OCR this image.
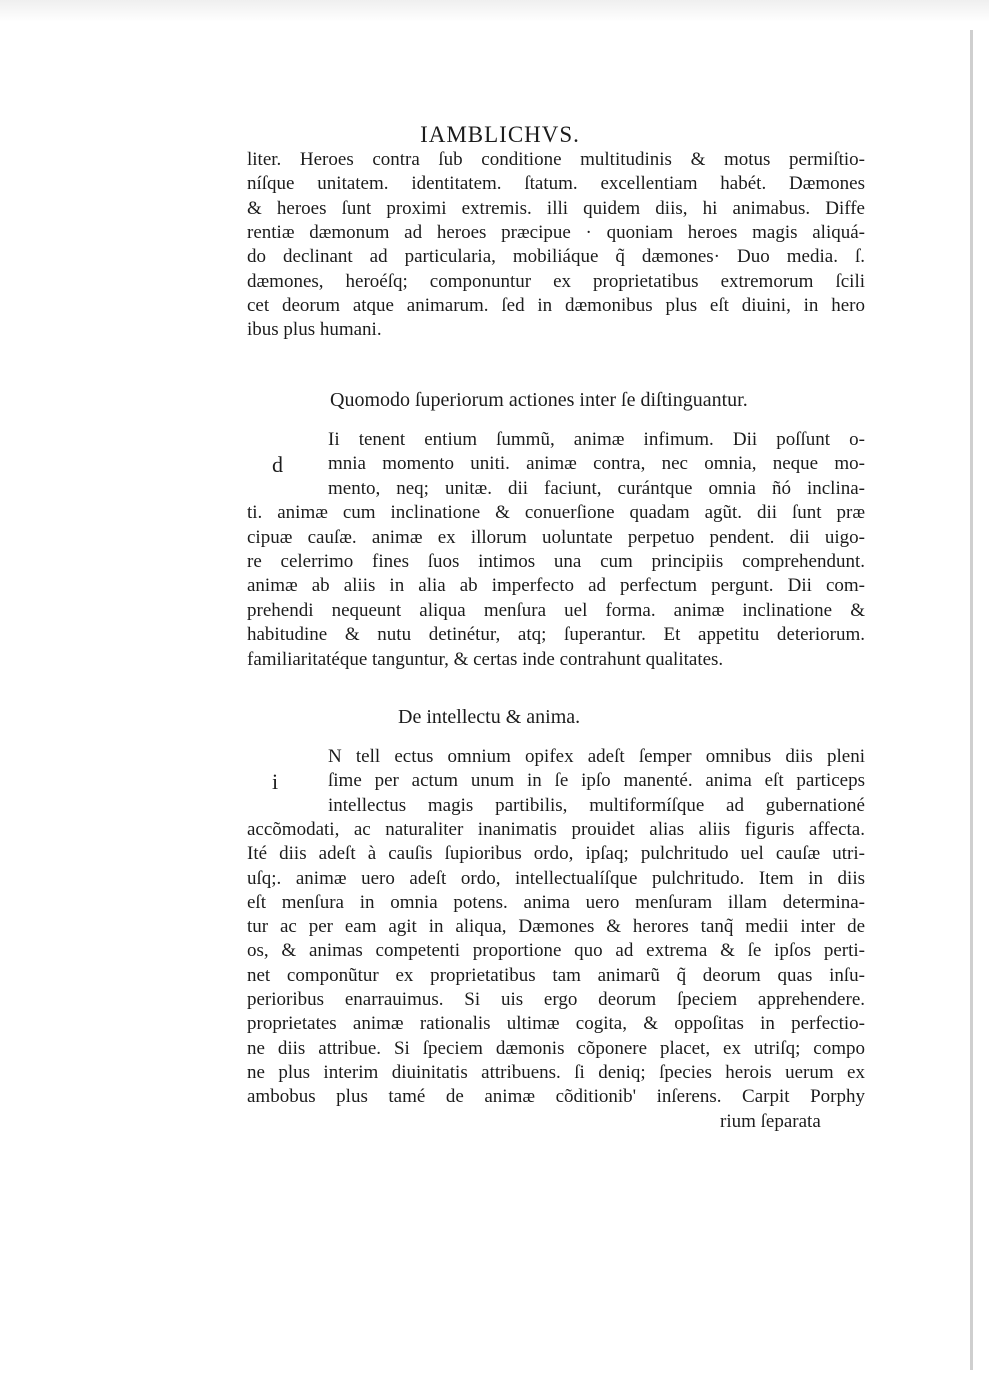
IAMBLICHVS.
liter. Heroes contra ſub conditione multitudinis & motus permiſtio-
níſque unitatem. identitatem. ſtatum. excellentiam habét. Dæmones
& heroes ſunt proximi extremis. illi quidem diis, hi animabus. Diffe
rentiæ dæmonum ad heroes præcipue · quoniam heroes magis aliquá-
do declinant ad particularia, mobiliáque q̃ dæmones· Duo media. ſ.
dæmones, heroéſq; componuntur ex proprietatibus extremorum ſcili
cet deorum atque animarum. ſed in dæmonibus plus eſt diuini, in hero
ibus plus humani.
Quomodo ſuperiorum actiones inter ſe diſtinguantur.
d
Ii tenent entium ſummũ, animæ infimum. Dii poſſunt o-
mnia momento uniti. animæ contra, nec omnia, neque mo-
mento, neq; unitæ. dii faciunt, curántque omnia ñó inclina-
ti. animæ cum inclinatione & conuerſione quadam agũt. dii ſunt præ
cipuæ cauſæ. animæ ex illorum uoluntate perpetuo pendent. dii uigo-
re celerrimo fines ſuos intimos una cum principiis comprehendunt.
animæ ab aliis in alia ab imperfecto ad perfectum pergunt. Dii com-
prehendi nequeunt aliqua menſura uel forma. animæ inclinatione &
habitudine & nutu detinétur, atq; ſuperantur. Et appetitu deteriorum.
familiaritatéque tanguntur, & certas inde contrahunt qualitates.
De intellectu & anima.
i
N tell ectus omnium opifex adeſt ſemper omnibus diis pleni
ſime per actum unum in ſe ipſo manenté. anima eſt particeps
intellectus magis partibilis, multiformíſque ad gubernationé
accõmodati, ac naturaliter inanimatis prouidet alias aliis figuris affecta.
Ité diis adeſt à cauſis ſupioribus ordo, ipſaq; pulchritudo uel cauſæ utri-
uſq;. animæ uero adeſt ordo, intellectualíſque pulchritudo. Item in diis
eſt menſura in omnia potens. anima uero menſuram illam determina-
tur ac per eam agit in aliqua, Dæmones & herores tanq̃ medii inter de
os, & animas competenti proportione quo ad extrema & ſe ipſos perti-
net componũtur ex proprietatibus tam animarũ q̃ deorum quas inſu-
perioribus enarrauimus. Si uis ergo deorum ſpeciem apprehendere.
proprietates animæ rationalis ultimæ cogita, & oppoſitas in perfectio-
ne diis attribue. Si ſpeciem dæmonis cõponere placet, ex utriſq; compo
ne plus interim diuinitatis attribuens. ſi deniq; ſpecies herois uerum ex
ambobus plus tamé de animæ cõditionib' inſerens. Carpit Porphy
rium ſeparata
